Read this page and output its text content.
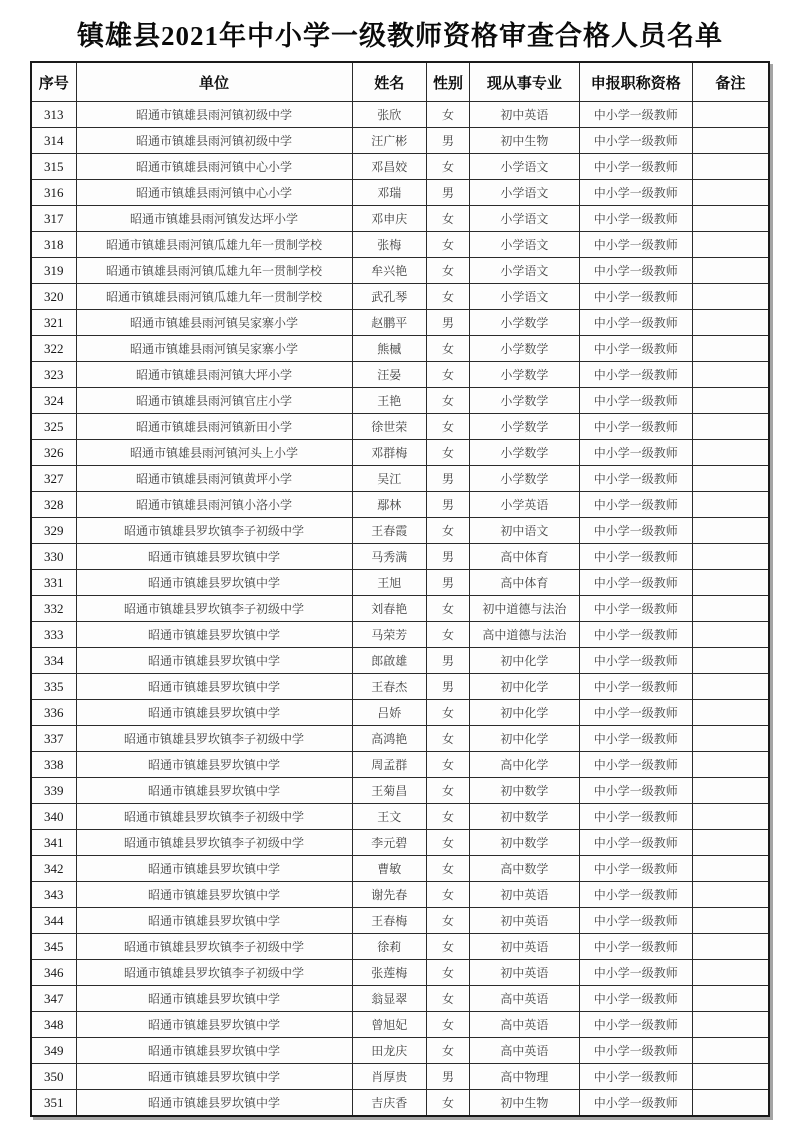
镇雄县2021年中小学一级教师资格审查合格人员名单
序号	单位	姓名	性别	现从事专业	申报职称资格	备注
313	昭通市镇雄县雨河镇初级中学	张欣	女	初中英语	中小学一级教师	
314	昭通市镇雄县雨河镇初级中学	汪广彬	男	初中生物	中小学一级教师	
315	昭通市镇雄县雨河镇中心小学	邓昌姣	女	小学语文	中小学一级教师	
316	昭通市镇雄县雨河镇中心小学	邓瑞	男	小学语文	中小学一级教师	
317	昭通市镇雄县雨河镇发达坪小学	邓申庆	女	小学语文	中小学一级教师	
318	昭通市镇雄县雨河镇瓜雄九年一贯制学校	张梅	女	小学语文	中小学一级教师	
319	昭通市镇雄县雨河镇瓜雄九年一贯制学校	牟兴艳	女	小学语文	中小学一级教师	
320	昭通市镇雄县雨河镇瓜雄九年一贯制学校	武孔琴	女	小学语文	中小学一级教师	
321	昭通市镇雄县雨河镇吴家寨小学	赵鹏平	男	小学数学	中小学一级教师	
322	昭通市镇雄县雨河镇吴家寨小学	熊槭	女	小学数学	中小学一级教师	
323	昭通市镇雄县雨河镇大坪小学	汪晏	女	小学数学	中小学一级教师	
324	昭通市镇雄县雨河镇官庄小学	王艳	女	小学数学	中小学一级教师	
325	昭通市镇雄县雨河镇新田小学	徐世荣	女	小学数学	中小学一级教师	
326	昭通市镇雄县雨河镇河头上小学	邓群梅	女	小学数学	中小学一级教师	
327	昭通市镇雄县雨河镇黄坪小学	吴江	男	小学数学	中小学一级教师	
328	昭通市镇雄县雨河镇小洛小学	鄢林	男	小学英语	中小学一级教师	
329	昭通市镇雄县罗坎镇李子初级中学	王春霞	女	初中语文	中小学一级教师	
330	昭通市镇雄县罗坎镇中学	马秀满	男	高中体育	中小学一级教师	
331	昭通市镇雄县罗坎镇中学	王旭	男	高中体育	中小学一级教师	
332	昭通市镇雄县罗坎镇李子初级中学	刘春艳	女	初中道德与法治	中小学一级教师	
333	昭通市镇雄县罗坎镇中学	马荣芳	女	高中道德与法治	中小学一级教师	
334	昭通市镇雄县罗坎镇中学	郎啟雄	男	初中化学	中小学一级教师	
335	昭通市镇雄县罗坎镇中学	王春杰	男	初中化学	中小学一级教师	
336	昭通市镇雄县罗坎镇中学	吕娇	女	初中化学	中小学一级教师	
337	昭通市镇雄县罗坎镇李子初级中学	高鸿艳	女	初中化学	中小学一级教师	
338	昭通市镇雄县罗坎镇中学	周孟群	女	高中化学	中小学一级教师	
339	昭通市镇雄县罗坎镇中学	王菊昌	女	初中数学	中小学一级教师	
340	昭通市镇雄县罗坎镇李子初级中学	王文	女	初中数学	中小学一级教师	
341	昭通市镇雄县罗坎镇李子初级中学	李元碧	女	初中数学	中小学一级教师	
342	昭通市镇雄县罗坎镇中学	曹敏	女	高中数学	中小学一级教师	
343	昭通市镇雄县罗坎镇中学	谢先春	女	初中英语	中小学一级教师	
344	昭通市镇雄县罗坎镇中学	王春梅	女	初中英语	中小学一级教师	
345	昭通市镇雄县罗坎镇李子初级中学	徐莉	女	初中英语	中小学一级教师	
346	昭通市镇雄县罗坎镇李子初级中学	张莲梅	女	初中英语	中小学一级教师	
347	昭通市镇雄县罗坎镇中学	翁显翠	女	高中英语	中小学一级教师	
348	昭通市镇雄县罗坎镇中学	曾旭妃	女	高中英语	中小学一级教师	
349	昭通市镇雄县罗坎镇中学	田龙庆	女	高中英语	中小学一级教师	
350	昭通市镇雄县罗坎镇中学	肖厚贵	男	高中物理	中小学一级教师	
351	昭通市镇雄县罗坎镇中学	吉庆香	女	初中生物	中小学一级教师	
